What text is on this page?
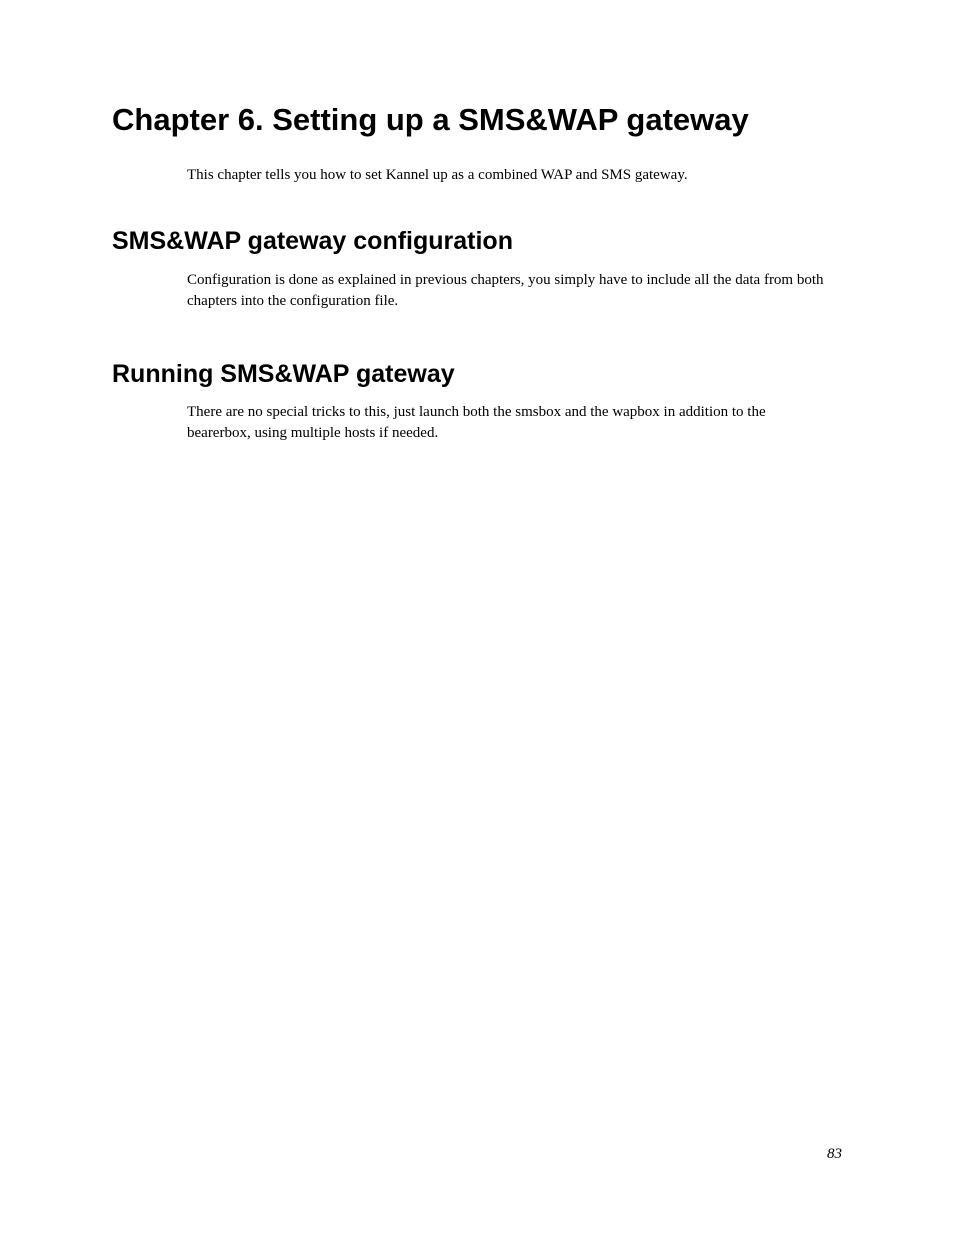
Chapter 6. Setting up a SMS&WAP gateway

This chapter tells you how to set Kannel up as a combined WAP and SMS gateway.

SMS&WAP gateway configuration

Configuration is done as explained in previous chapters, you simply have to include all the data from both chapters into the configuration file.

Running SMS&WAP gateway

There are no special tricks to this, just launch both the smsbox and the wapbox in addition to the bearerbox, using multiple hosts if needed.

83
